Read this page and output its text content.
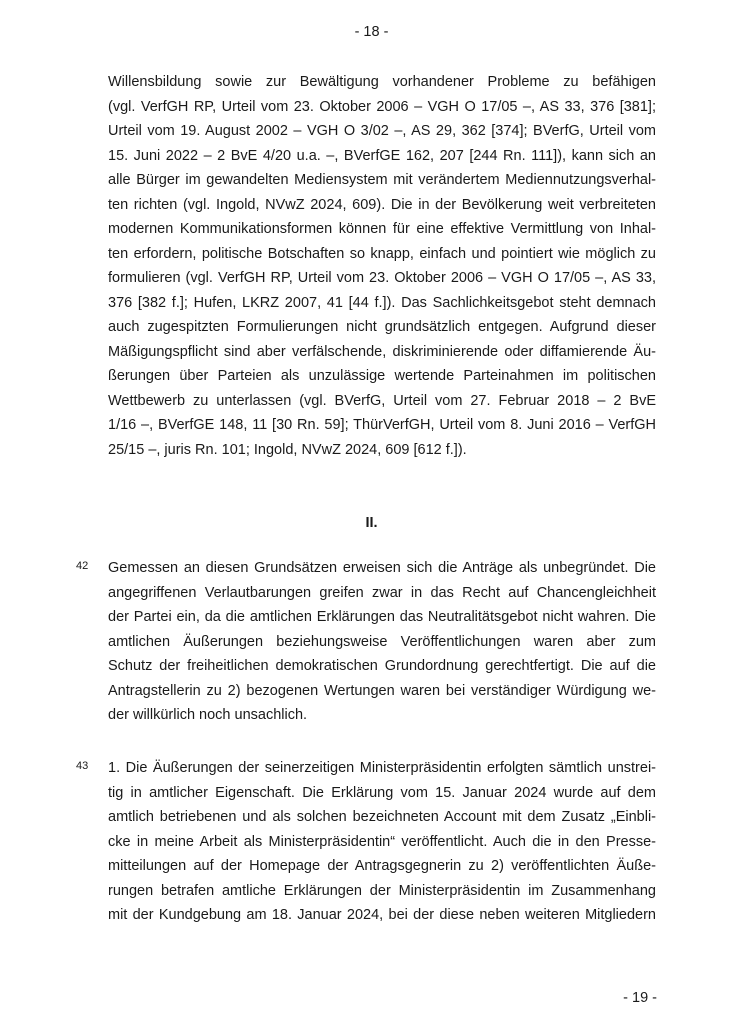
- 18 -
Willensbildung sowie zur Bewältigung vorhandener Probleme zu befähigen
(vgl. VerfGH RP, Urteil vom 23. Oktober 2006 – VGH O 17/05 –, AS 33, 376 [381];
Urteil vom 19. August 2002 – VGH O 3/02 –, AS 29, 362 [374]; BVerfG, Urteil vom
15. Juni 2022 – 2 BvE 4/20 u.a. –, BVerfGE 162, 207 [244 Rn. 111]), kann sich an
alle Bürger im gewandelten Mediensystem mit verändertem Mediennutzungsverhal-
ten richten (vgl. Ingold, NVwZ 2024, 609). Die in der Bevölkerung weit verbreiteten
modernen Kommunikationsformen können für eine effektive Vermittlung von Inhal-
ten erfordern, politische Botschaften so knapp, einfach und pointiert wie möglich zu
formulieren (vgl. VerfGH RP, Urteil vom 23. Oktober 2006 – VGH O 17/05 –, AS 33,
376 [382 f.]; Hufen, LKRZ 2007, 41 [44 f.]). Das Sachlichkeitsgebot steht demnach
auch zugespitzten Formulierungen nicht grundsätzlich entgegen. Aufgrund dieser
Mäßigungspflicht sind aber verfälschende, diskriminierende oder diffamierende Äu-
ßerungen über Parteien als unzulässige wertende Parteinahmen im politischen
Wettbewerb zu unterlassen (vgl. BVerfG, Urteil vom 27. Februar 2018 – 2 BvE
1/16 –, BVerfGE 148, 11 [30 Rn. 59]; ThürVerfGH, Urteil vom 8. Juni 2016 – VerfGH
25/15 –, juris Rn. 101; Ingold, NVwZ 2024, 609 [612 f.]).
II.
42 Gemessen an diesen Grundsätzen erweisen sich die Anträge als unbegründet. Die
angegriffenen Verlautbarungen greifen zwar in das Recht auf Chancengleichheit
der Partei ein, da die amtlichen Erklärungen das Neutralitätsgebot nicht wahren. Die
amtlichen Äußerungen beziehungsweise Veröffentlichungen waren aber zum
Schutz der freiheitlichen demokratischen Grundordnung gerechtfertigt. Die auf die
Antragstellerin zu 2) bezogenen Wertungen waren bei verständiger Würdigung we-
der willkürlich noch unsachlich.
43 1. Die Äußerungen der seinerzeitigen Ministerpräsidentin erfolgten sämtlich unstrei-
tig in amtlicher Eigenschaft. Die Erklärung vom 15. Januar 2024 wurde auf dem
amtlich betriebenen und als solchen bezeichneten Account mit dem Zusatz „Einbli-
cke in meine Arbeit als Ministerpräsidentin“ veröffentlicht. Auch die in den Presse-
mitteilungen auf der Homepage der Antragsgegnerin zu 2) veröffentlichten Äuße-
rungen betrafen amtliche Erklärungen der Ministerpräsidentin im Zusammenhang
mit der Kundgebung am 18. Januar 2024, bei der diese neben weiteren Mitgliedern
- 19 -
